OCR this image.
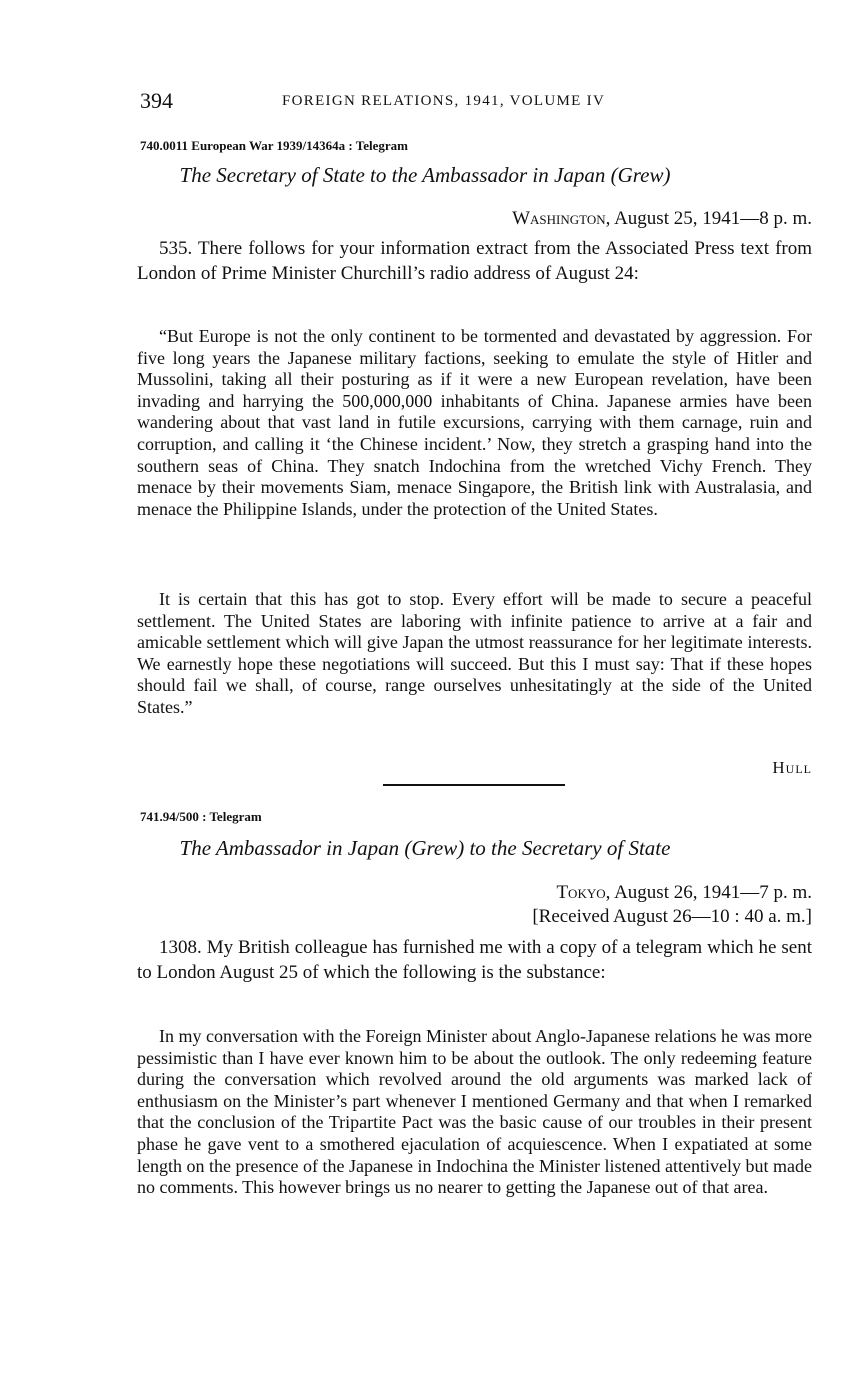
394	FOREIGN RELATIONS, 1941, VOLUME IV
740.0011 European War 1939/14364a : Telegram
The Secretary of State to the Ambassador in Japan (Grew)
Washington, August 25, 1941—8 p. m.

535. There follows for your information extract from the Associated Press text from London of Prime Minister Churchill’s radio address of August 24:

“But Europe is not the only continent to be tormented and devastated by aggression. For five long years the Japanese military factions, seeking to emulate the style of Hitler and Mussolini, taking all their posturing as if it were a new European revelation, have been invading and harrying the 500,000,000 inhabitants of China. Japanese armies have been wandering about that vast land in futile excursions, carrying with them carnage, ruin and corruption, and calling it ‘the Chinese incident.’ Now, they stretch a grasping hand into the southern seas of China. They snatch Indochina from the wretched Vichy French. They menace by their movements Siam, menace Singapore, the British link with Australasia, and menace the Philippine Islands, under the protection of the United States.

It is certain that this has got to stop. Every effort will be made to secure a peaceful settlement. The United States are laboring with infinite patience to arrive at a fair and amicable settlement which will give Japan the utmost reassurance for her legitimate interests. We earnestly hope these negotiations will succeed. But this I must say: That if these hopes should fail we shall, of course, range ourselves unhesitatingly at the side of the United States.”

Hull
741.94/500 : Telegram
The Ambassador in Japan (Grew) to the Secretary of State
Tokyo, August 26, 1941—7 p. m.
[Received August 26—10 : 40 a. m.]

1308. My British colleague has furnished me with a copy of a telegram which he sent to London August 25 of which the following is the substance:

In my conversation with the Foreign Minister about Anglo-Japanese relations he was more pessimistic than I have ever known him to be about the outlook. The only redeeming feature during the conversation which revolved around the old arguments was marked lack of enthusiasm on the Minister’s part whenever I mentioned Germany and that when I remarked that the conclusion of the Tripartite Pact was the basic cause of our troubles in their present phase he gave vent to a smothered ejaculation of acquiescence. When I expatiated at some length on the presence of the Japanese in Indochina the Minister listened attentively but made no comments. This however brings us no nearer to getting the Japanese out of that area.
